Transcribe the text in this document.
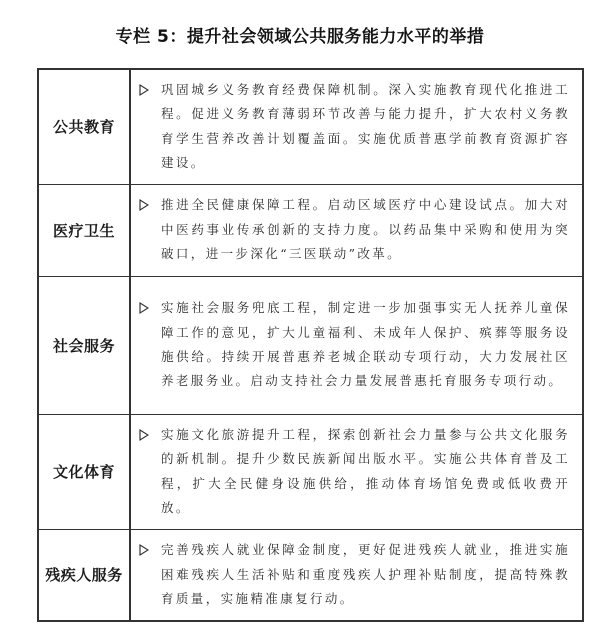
专栏 5：提升社会领域公共服务能力水平的举措
公共教育	巩固城乡义务教育经费保障机制。深入实施教育现代化推进工程。促进义务教育薄弱环节改善与能力提升，扩大农村义务教育学生营养改善计划覆盖面。实施优质普惠学前教育资源扩容建设。

医疗卫生	推进全民健康保障工程。启动区域医疗中心建设试点。加大对中医药事业传承创新的支持力度。以药品集中采购和使用为突破口，进一步深化“三医联动”改革。

社会服务	实施社会服务兜底工程，制定进一步加强事实无人抚养儿童保障工作的意见，扩大儿童福利、未成年人保护、殡葬等服务设施供给。持续开展普惠养老城企联动专项行动，大力发展社区养老服务业。启动支持社会力量发展普惠托育服务专项行动。

文化体育	实施文化旅游提升工程，探索创新社会力量参与公共文化服务的新机制。提升少数民族新闻出版水平。实施公共体育普及工程，扩大全民健身设施供给，推动体育场馆免费或低收费开放。

残疾人服务	完善残疾人就业保障金制度，更好促进残疾人就业，推进实施困难残疾人生活补贴和重度残疾人护理补贴制度，提高特殊教育质量，实施精准康复行动。
